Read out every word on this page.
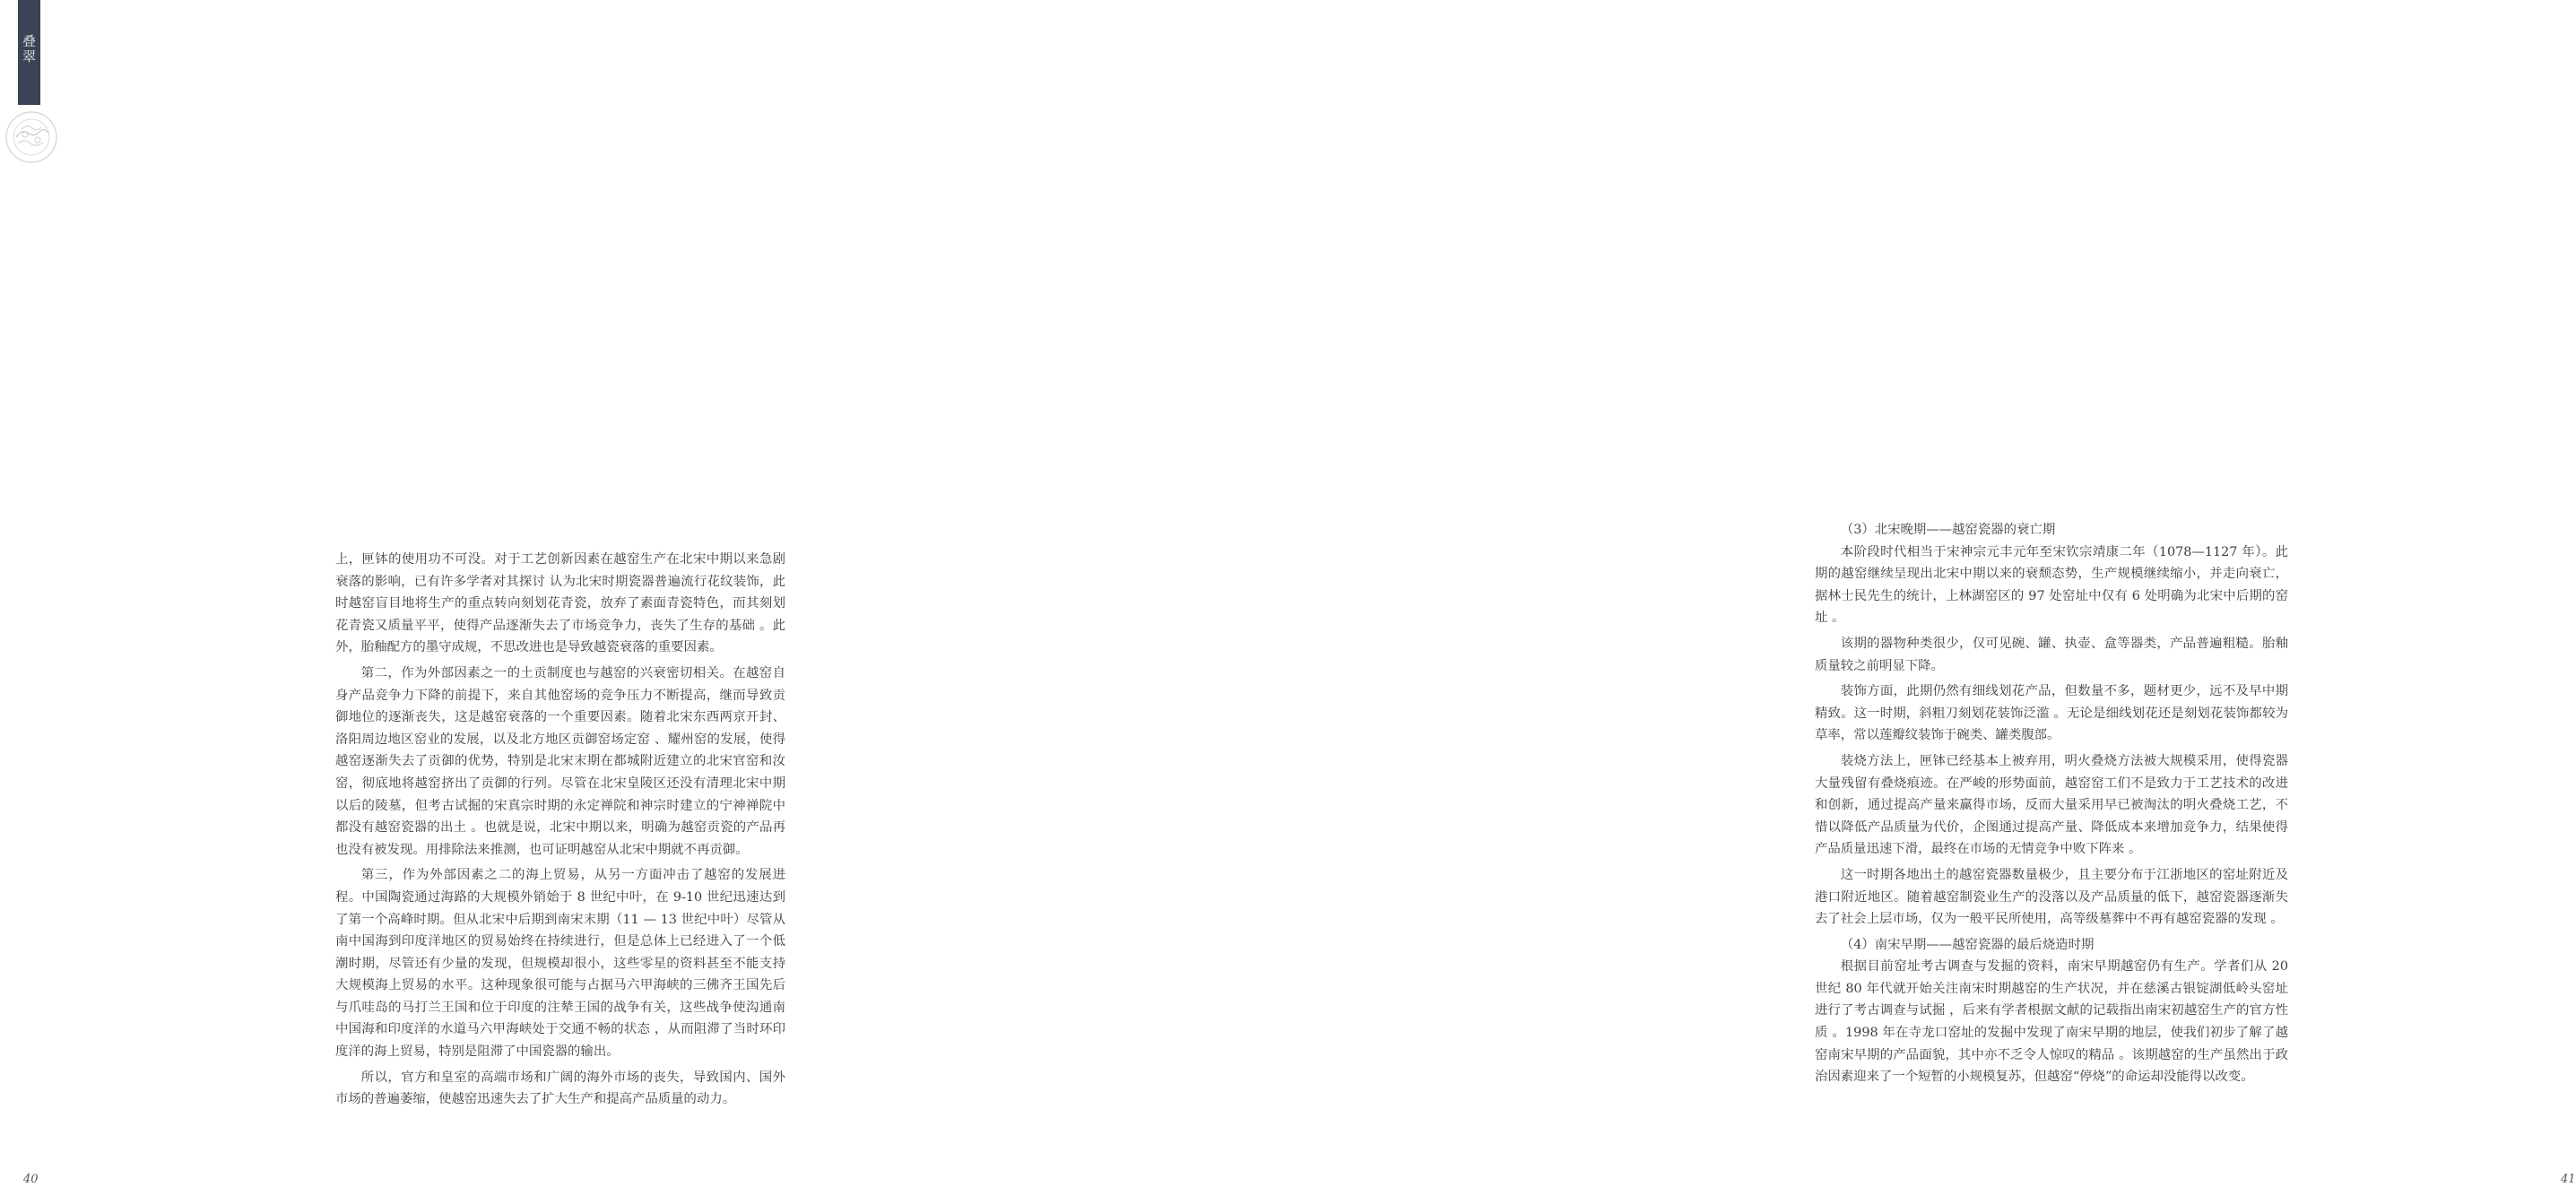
叠翠

上，匣钵的使用功不可没。对于工艺创新因素在越窑生产在北宋中期以来急剧衰落的影响，已有许多学者对其探讨 认为北宋时期瓷器普遍流行花纹装饰，此时越窑盲目地将生产的重点转向刻划花青瓷，放弃了素面青瓷特色，而其刻划花青瓷又质量平平，使得产品逐渐失去了市场竞争力，丧失了生存的基础 。此外，胎釉配方的墨守成规，不思改进也是导致越瓷衰落的重要因素。

第二，作为外部因素之一的土贡制度也与越窑的兴衰密切相关。在越窑自身产品竞争力下降的前提下，来自其他窑场的竞争压力不断提高，继而导致贡御地位的逐渐丧失，这是越窑衰落的一个重要因素。随着北宋东西两京开封、洛阳周边地区窑业的发展，以及北方地区贡御窑场定窑 、耀州窑的发展，使得越窑逐渐失去了贡御的优势，特别是北宋末期在都城附近建立的北宋官窑和汝窑，彻底地将越窑挤出了贡御的行列。尽管在北宋皇陵区还没有清理北宋中期以后的陵墓，但考古试掘的宋真宗时期的永定禅院和神宗时建立的宁神禅院中都没有越窑瓷器的出土 。也就是说，北宋中期以来，明确为越窑贡瓷的产品再也没有被发现。用排除法来推测，也可证明越窑从北宋中期就不再贡御。

第三，作为外部因素之二的海上贸易，从另一方面冲击了越窑的发展进程。中国陶瓷通过海路的大规模外销始于 8 世纪中叶，在 9-10 世纪迅速达到了第一个高峰时期。但从北宋中后期到南宋末期（11 — 13 世纪中叶）尽管从南中国海到印度洋地区的贸易始终在持续进行，但是总体上已经进入了一个低潮时期，尽管还有少量的发现，但规模却很小，这些零星的资料甚至不能支持大规模海上贸易的水平。这种现象很可能与占据马六甲海峡的三佛齐王国先后与爪哇岛的马打兰王国和位于印度的注辇王国的战争有关，这些战争使沟通南中国海和印度洋的水道马六甲海峡处于交通不畅的状态 ，从而阻滞了当时环印度洋的海上贸易，特别是阻滞了中国瓷器的输出。

所以，官方和皇室的高端市场和广阔的海外市场的丧失，导致国内、国外市场的普遍萎缩，使越窑迅速失去了扩大生产和提高产品质量的动力。

40

（3）北宋晚期——越窑瓷器的衰亡期

本阶段时代相当于宋神宗元丰元年至宋钦宗靖康二年（1078—1127 年）。此期的越窑继续呈现出北宋中期以来的衰颓态势，生产规模继续缩小，并走向衰亡，据林士民先生的统计，上林湖窑区的 97 处窑址中仅有 6 处明确为北宋中后期的窑址 。

该期的器物种类很少，仅可见碗、罐、执壶、盒等器类，产品普遍粗糙。胎釉质量较之前明显下降。

装饰方面，此期仍然有细线划花产品，但数量不多，题材更少，远不及早中期精致。这一时期，斜粗刀刻划花装饰泛滥 。无论是细线划花还是刻划花装饰都较为草率，常以莲瓣纹装饰于碗类、罐类腹部。

装烧方法上，匣钵已经基本上被弃用，明火叠烧方法被大规模采用，使得瓷器大量残留有叠烧痕迹。在严峻的形势面前，越窑窑工们不是致力于工艺技术的改进和创新，通过提高产量来赢得市场，反而大量采用早已被淘汰的明火叠烧工艺，不惜以降低产品质量为代价，企图通过提高产量、降低成本来增加竞争力，结果使得产品质量迅速下滑，最终在市场的无情竞争中败下阵来 。

这一时期各地出土的越窑瓷器数量极少，且主要分布于江浙地区的窑址附近及港口附近地区。随着越窑制瓷业生产的没落以及产品质量的低下，越窑瓷器逐渐失去了社会上层市场，仅为一般平民所使用，高等级墓葬中不再有越窑瓷器的发现 。

（4）南宋早期——越窑瓷器的最后烧造时期

根据目前窑址考古调查与发掘的资料，南宋早期越窑仍有生产。学者们从 20 世纪 80 年代就开始关注南宋时期越窑的生产状况，并在慈溪古银锭湖低岭头窑址进行了考古调查与试掘 ，后来有学者根据文献的记载指出南宋初越窑生产的官方性质 。1998 年在寺龙口窑址的发掘中发现了南宋早期的地层，使我们初步了解了越窑南宋早期的产品面貌，其中亦不乏令人惊叹的精品 。该期越窑的生产虽然出于政治因素迎来了一个短暂的小规模复苏，但越窑“停烧”的命运却没能得以改变。

41
